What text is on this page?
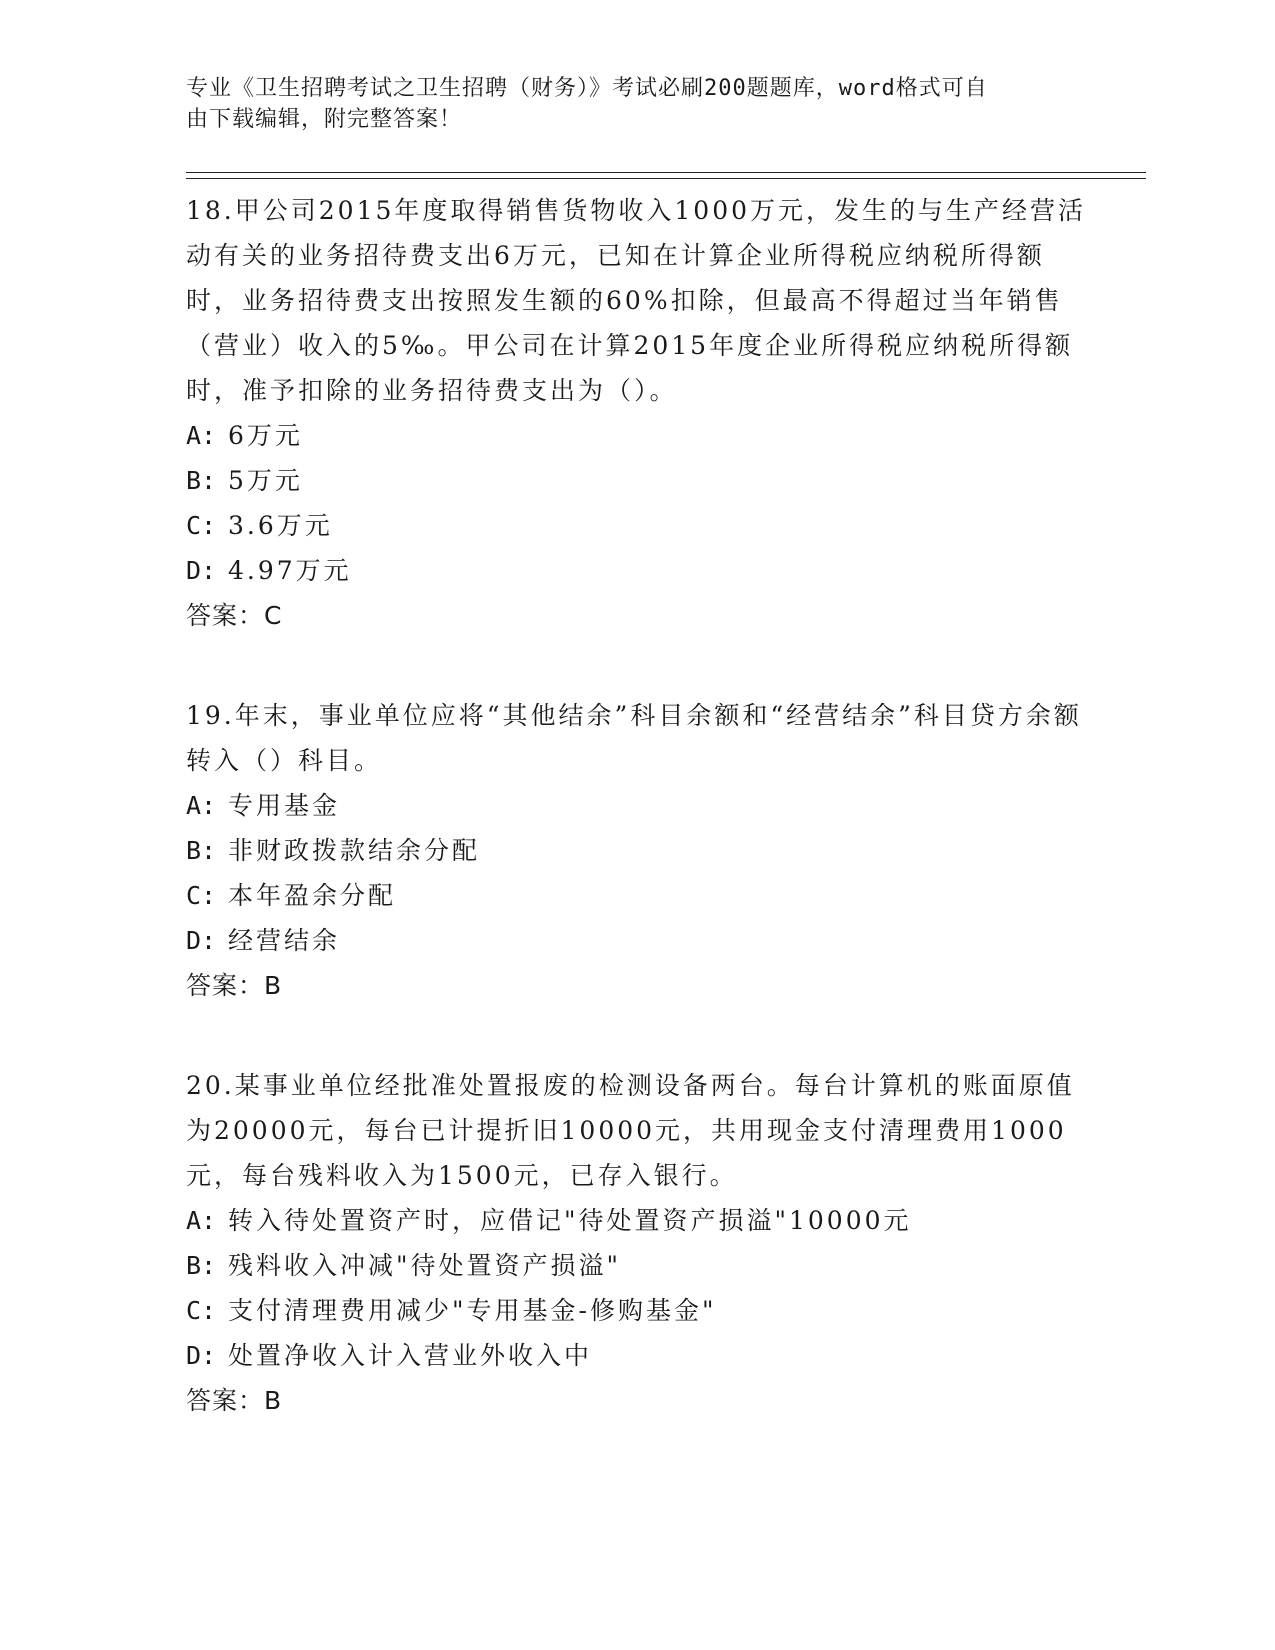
专业《卫生招聘考试之卫生招聘（财务）》考试必刷200题题库，word格式可自
由下载编辑，附完整答案！

18.甲公司2015年度取得销售货物收入1000万元，发生的与生产经营活动有关的业务招待费支出6万元，已知在计算企业所得税应纳税所得额时，业务招待费支出按照发生额的60%扣除，但最高不得超过当年销售（营业）收入的5‰。甲公司在计算2015年度企业所得税应纳税所得额时，准予扣除的业务招待费支出为（）。

A: 6万元

B: 5万元

C: 3.6万元

D: 4.97万元

答案：C

19.年末，事业单位应将“其他结余”科目余额和“经营结余”科目贷方余额转入（）科目。

A: 专用基金

B: 非财政拨款结余分配

C: 本年盈余分配

D: 经营结余

答案：B

20.某事业单位经批准处置报废的检测设备两台。每台计算机的账面原值为20000元，每台已计提折旧10000元，共用现金支付清理费用1000元，每台残料收入为1500元，已存入银行。

A: 转入待处置资产时，应借记"待处置资产损溢"10000元

B: 残料收入冲减"待处置资产损溢"

C: 支付清理费用减少"专用基金-修购基金"

D: 处置净收入计入营业外收入中

答案：B
